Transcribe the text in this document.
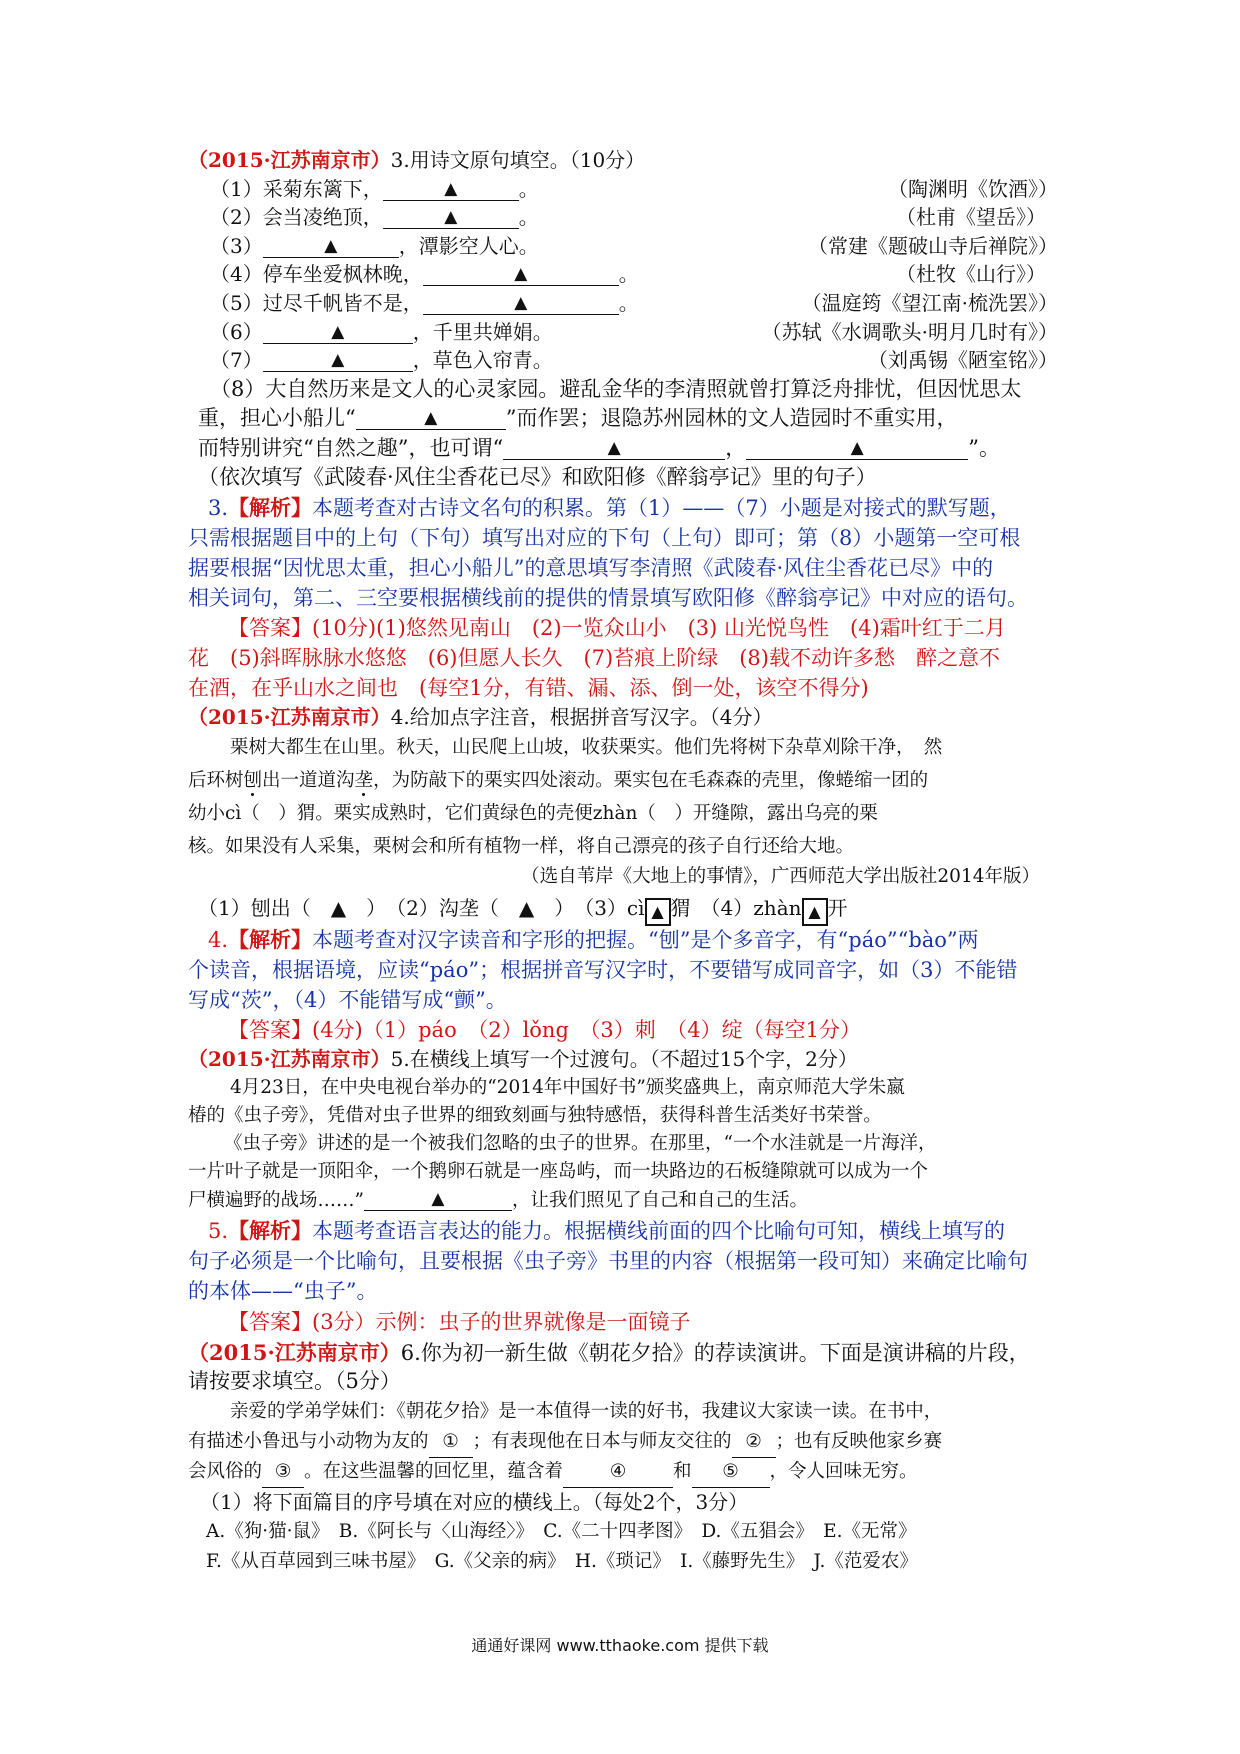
（2015·江苏南京市）3.用诗文原句填空。（10分）
（1）采菊东篱下，	▲	。	（陶渊明《饮酒》）
（2）会当凌绝顶，	▲	。	（杜甫《望岳》）
（3）	▲	，潭影空人心。	（常建《题破山寺后禅院》）
（4）停车坐爱枫林晚，	▲	。	（杜牧《山行》）
（5）过尽千帆皆不是，	▲	。	（温庭筠《望江南·梳洗罢》）
（6）	▲	，千里共婵娟。	（苏轼《水调歌头·明月几时有》）
（7）	▲	，草色入帘青。	（刘禹锡《陋室铭》）
（8）大自然历来是文人的心灵家园。避乱金华的李清照就曾打算泛舟排忧，但因忧思太
重，担心小船儿“	▲	”而作罢；退隐苏州园林的文人造园时不重实用，
而特别讲究“自然之趣”，也可谓“	▲	，	▲	”。
（依次填写《武陵春·风住尘香花已尽》和欧阳修《醉翁亭记》里的句子）
3.【解析】本题考查对古诗文名句的积累。第（1）——（7）小题是对接式的默写题，
只需根据题目中的上句（下句）填写出对应的下句（上句）即可；第（8）小题第一空可根
据要根据“因忧思太重，担心小船儿”的意思填写李清照《武陵春·风住尘香花已尽》中的
相关词句，第二、三空要根据横线前的提供的情景填写欧阳修《醉翁亭记》中对应的语句。
【答案】(10分)(1)悠然见南山　(2)一览众山小　(3) 山光悦鸟性　(4)霜叶红于二月
花　(5)斜晖脉脉水悠悠　(6)但愿人长久　(7)苔痕上阶绿　(8)载不动许多愁　醉之意不
在酒，在乎山水之间也　(每空1分，有错、漏、添、倒一处，该空不得分)
（2015·江苏南京市）4.给加点字注音，根据拼音写汉字。（4分）
栗树大都生在山里。秋天，山民爬上山坡，收获栗实。他们先将树下杂草刈除干净，　然
后环树刨出一道道沟垄，为防敲下的栗实四处滚动。栗实包在毛森森的壳里，像蜷缩一团的
幼小cì（　）猬。栗实成熟时，它们黄绿色的壳便zhàn（　）开缝隙，露出乌亮的栗
核。如果没有人采集，栗树会和所有植物一样，将自己漂亮的孩子自行还给大地。
（选自苇岸《大地上的事情》，广西师范大学出版社2014年版）
（1）刨出（　▲　）　（2）沟垄（　▲　）　（3）cì ▲ 猬　（4）zhàn ▲ 开
4.【解析】本题考查对汉字读音和字形的把握。“刨”是个多音字，有“páo”“bào”两
个读音，根据语境，应读“páo”；根据拼音写汉字时，不要错写成同音字，如（3）不能错
写成“茨”，（4）不能错写成“颤”。
【答案】(4分)（1）páo　（2）lǒng　（3）刺　（4）绽（每空1分）
（2015·江苏南京市）5.在横线上填写一个过渡句。（不超过15个字，2分）
4月23日，在中央电视台举办的“2014年中国好书”颁奖盛典上，南京师范大学朱嬴
椿的《虫子旁》，凭借对虫子世界的细致刻画与独特感悟，获得科普生活类好书荣誉。
《虫子旁》讲述的是一个被我们忽略的虫子的世界。在那里，“一个水洼就是一片海洋，
一片叶子就是一顶阳伞，一个鹅卵石就是一座岛屿，而一块路边的石板缝隙就可以成为一个
尸横遍野的战场……”	▲	，让我们照见了自己和自己的生活。
5.【解析】本题考查语言表达的能力。根据横线前面的四个比喻句可知，横线上填写的
句子必须是一个比喻句，且要根据《虫子旁》书里的内容（根据第一段可知）来确定比喻句
的本体——“虫子”。
【答案】(3分）示例：虫子的世界就像是一面镜子
（2015·江苏南京市）6.你为初一新生做《朝花夕拾》的荐读演讲。下面是演讲稿的片段，
请按要求填空。（5分）
亲爱的学弟学妹们：《朝花夕拾》是一本值得一读的好书，我建议大家读一读。在书中，
有描述小鲁迅与小动物为友的 ① ；有表现他在日本与师友交往的 ② ；也有反映他家乡赛
会风俗的 ③ 。在这些温馨的回忆里，蕴含着	④	和 ⑤ ，令人回味无穷。
（1）将下面篇目的序号填在对应的横线上。（每处2个，3分）
A.《狗·猫·鼠》　B.《阿长与〈山海经〉》　C.《二十四孝图》　D.《五猖会》　E.《无常》
F.《从百草园到三味书屋》　G.《父亲的病》　H.《琐记》　I.《藤野先生》　J.《范爱农》
通通好课网 www.tthaoke.com 提供下载
